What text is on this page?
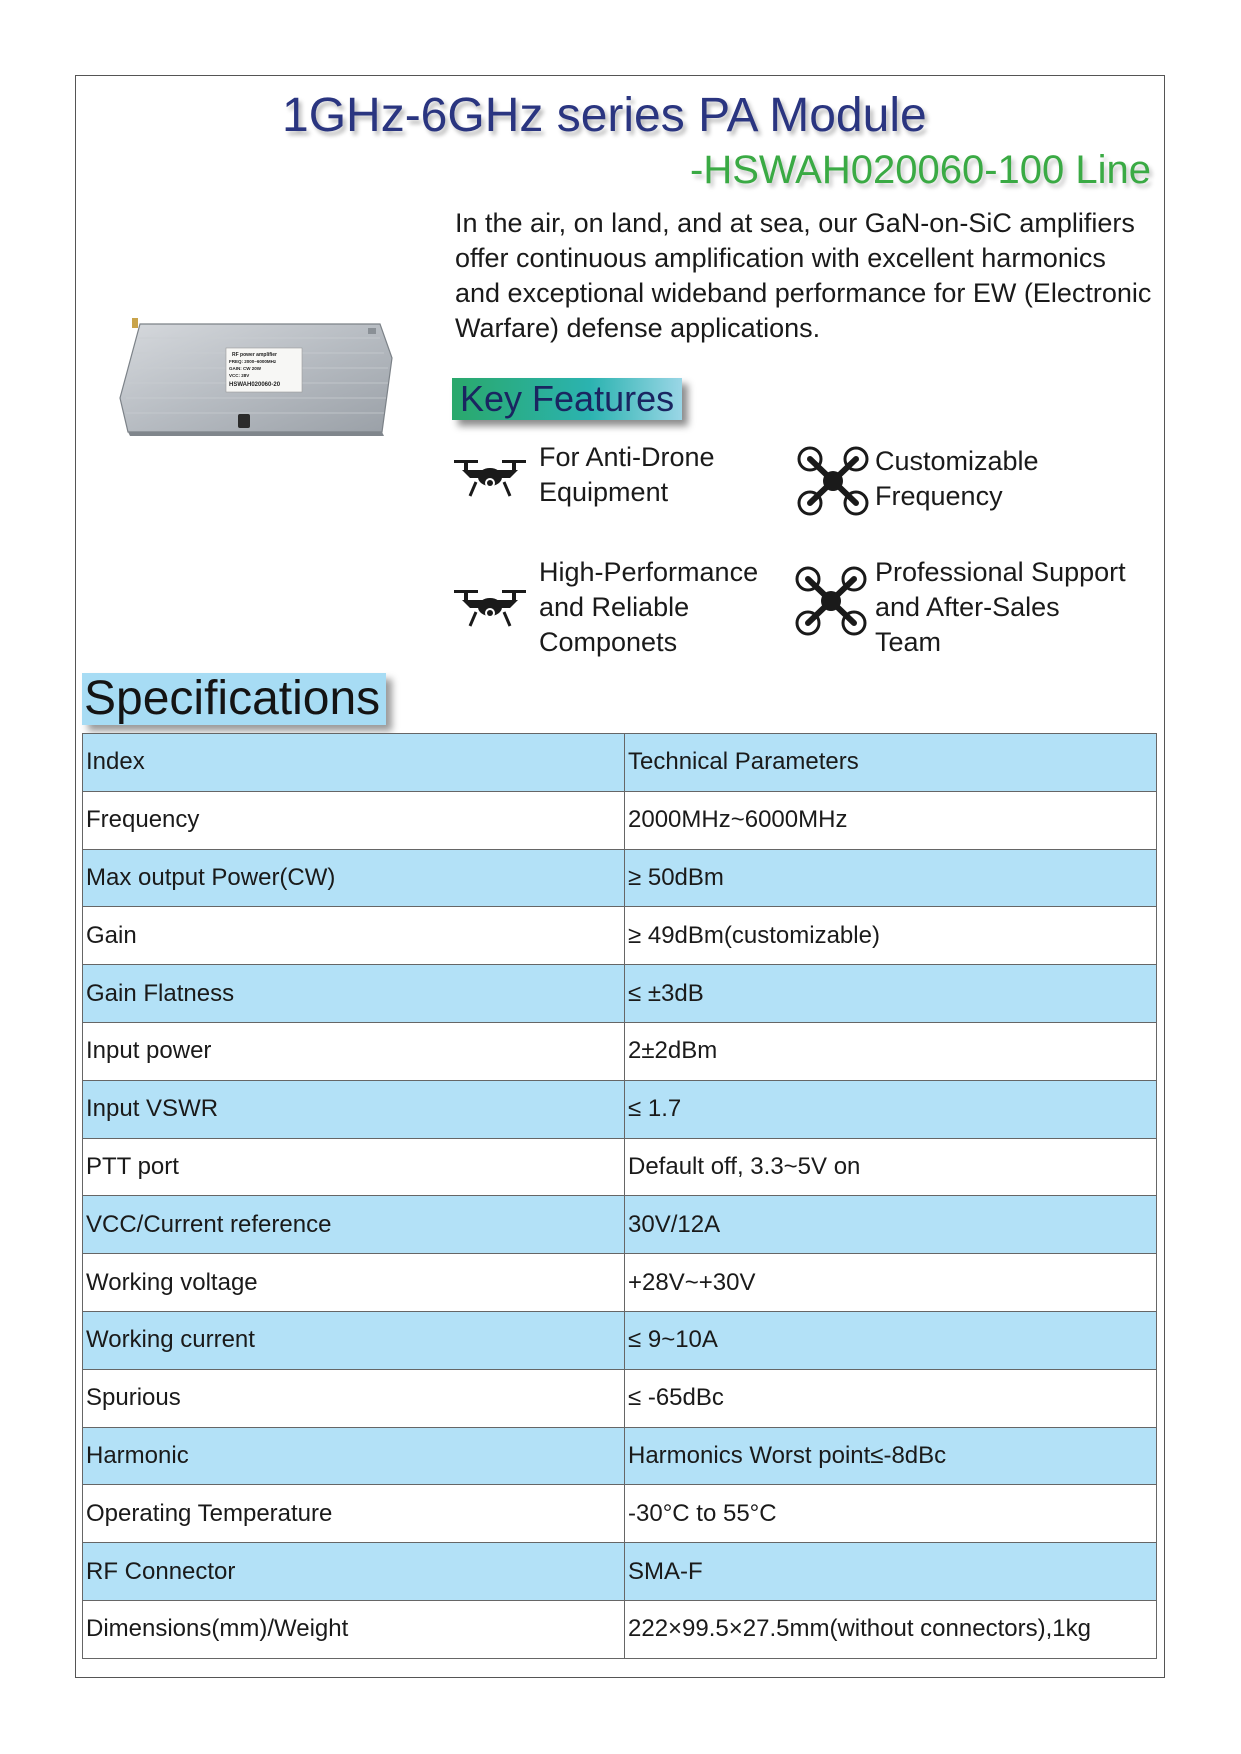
1GHz-6GHz series PA Module
-HSWAH020060-100 Line
In the air, on land, and at sea, our GaN-on-SiC amplifiers offer continuous amplification with excellent harmonics and exceptional wideband performance for EW (Electronic Warfare) defense applications.
RF power amplifier
FREQ: 2000~6000MHz
GAIN: CW 20W
VCC: 28V
HSWAH020060-20	Key Features
For Anti-Drone
Equipment
Customizable
Frequency
High-Performance
and Reliable
Componets
Professional Support
and After-Sales
Team
Specifications
Index	Technical Parameters
Frequency	2000MHz~6000MHz
Max output Power(CW)	≥ 50dBm
Gain	≥ 49dBm(customizable)
Gain Flatness	≤ ±3dB
Input power	2±2dBm
Input VSWR	≤ 1.7
PTT port	Default off, 3.3~5V on
VCC/Current reference	30V/12A
Working voltage	+28V~+30V
Working current	≤ 9~10A
Spurious	≤ -65dBc
Harmonic	Harmonics Worst point≤-8dBc
Operating Temperature	-30°C to 55°C
RF Connector	SMA-F
Dimensions(mm)/Weight	222×99.5×27.5mm(without connectors),1kg
